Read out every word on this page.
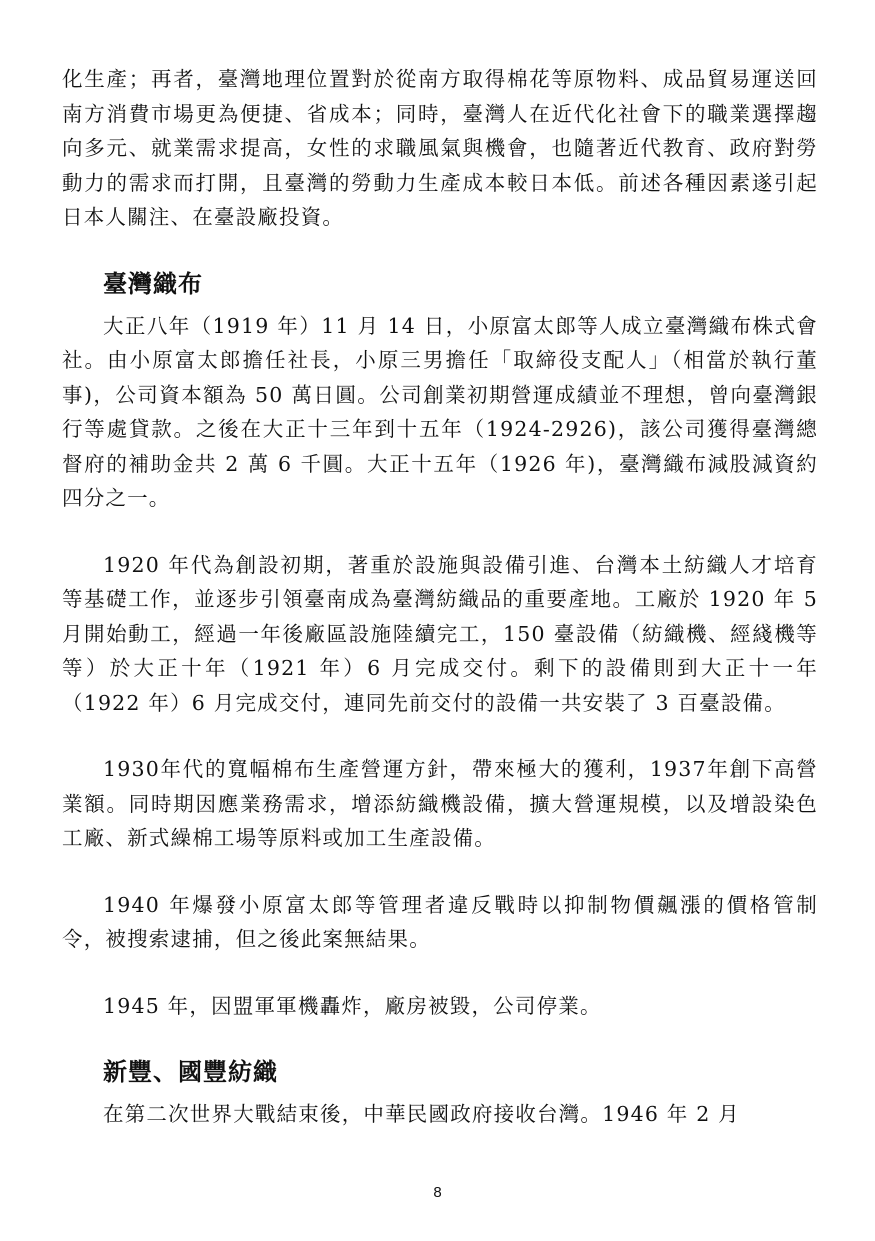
化生產；再者，臺灣地理位置對於從南方取得棉花等原物料、成品貿易運送回南方消費市場更為便捷、省成本；同時，臺灣人在近代化社會下的職業選擇趨向多元、就業需求提高，女性的求職風氣與機會，也隨著近代教育、政府對勞動力的需求而打開，且臺灣的勞動力生產成本較日本低。前述各種因素遂引起日本人關注、在臺設廠投資。

臺灣織布

大正八年（1919 年）11 月 14 日，小原富太郎等人成立臺灣織布株式會社。由小原富太郎擔任社長，小原三男擔任「取締役支配人」（相當於執行董事)，公司資本額為 50 萬日圓。公司創業初期營運成績並不理想，曾向臺灣銀行等處貸款。之後在大正十三年到十五年（1924-2926)，該公司獲得臺灣總督府的補助金共 2 萬 6 千圓。大正十五年（1926 年)，臺灣織布減股減資約四分之一。

1920 年代為創設初期，著重於設施與設備引進、台灣本土紡織人才培育等基礎工作，並逐步引領臺南成為臺灣紡織品的重要產地。工廠於 1920 年 5 月開始動工，經過一年後廠區設施陸續完工，150 臺設備（紡織機、經綫機等等）於大正十年（1921 年）6 月完成交付。剩下的設備則到大正十一年（1922 年）6 月完成交付，連同先前交付的設備一共安裝了 3 百臺設備。

1930年代的寬幅棉布生產營運方針，帶來極大的獲利，1937年創下高營業額。同時期因應業務需求，增添紡織機設備，擴大營運規模，以及增設染色工廠、新式繰棉工場等原料或加工生產設備。

1940 年爆發小原富太郎等管理者違反戰時以抑制物價飆漲的價格管制令，被搜索逮捕，但之後此案無結果。

1945 年，因盟軍軍機轟炸，廠房被毀，公司停業。

新豐、國豐紡織

在第二次世界大戰結束後，中華民國政府接收台灣。1946 年 2 月

8
